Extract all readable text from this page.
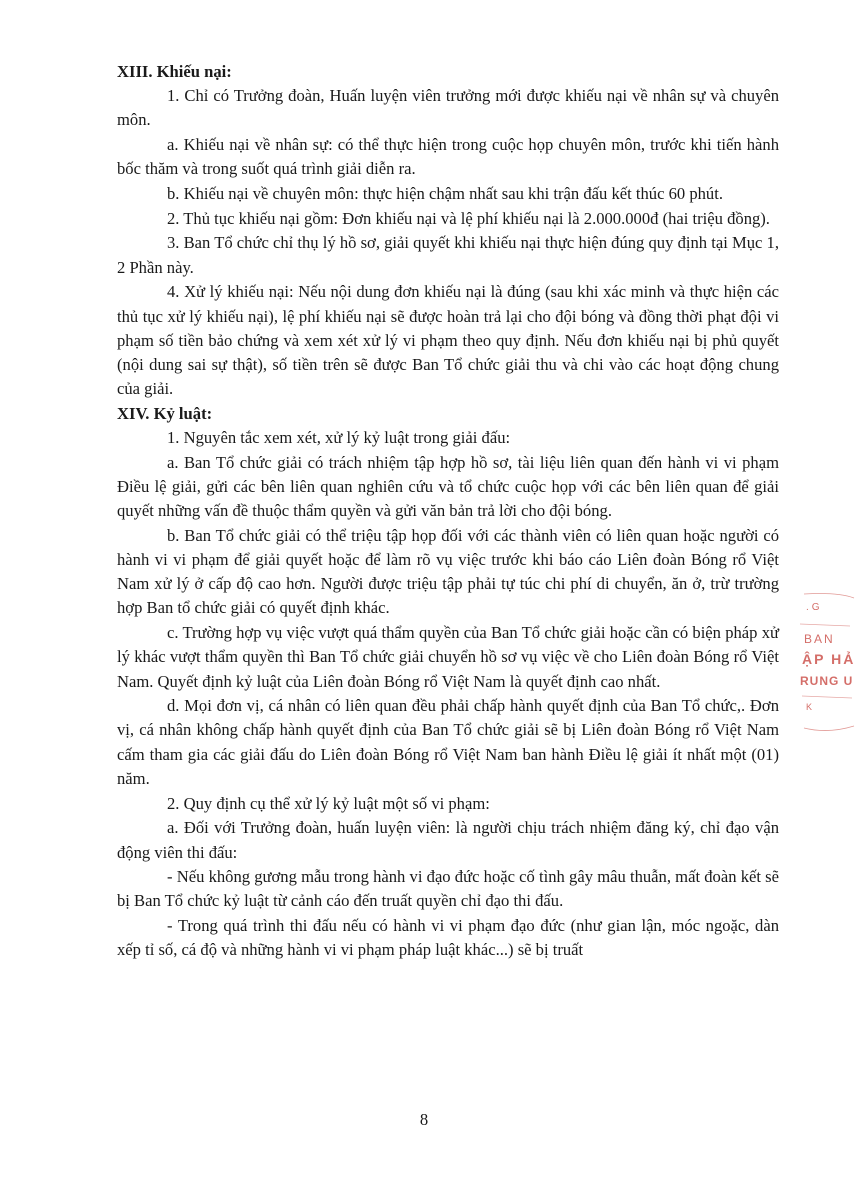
XIII. Khiếu nại:

1. Chỉ có Trưởng đoàn, Huấn luyện viên trưởng mới được khiếu nại về nhân sự và chuyên môn.

a. Khiếu nại về nhân sự: có thể thực hiện trong cuộc họp chuyên môn, trước khi tiến hành bốc thăm và trong suốt quá trình giải diễn ra.

b. Khiếu nại về chuyên môn: thực hiện chậm nhất sau khi trận đấu kết thúc 60 phút.

2. Thủ tục khiếu nại gồm: Đơn khiếu nại và lệ phí khiếu nại là 2.000.000đ (hai triệu đồng).

3. Ban Tổ chức chỉ thụ lý hồ sơ, giải quyết khi khiếu nại thực hiện đúng quy định tại Mục 1, 2 Phần này.

4. Xử lý khiếu nại: Nếu nội dung đơn khiếu nại là đúng (sau khi xác minh và thực hiện các thủ tục xử lý khiếu nại), lệ phí khiếu nại sẽ được hoàn trả lại cho đội bóng và đồng thời phạt đội vi phạm số tiền bảo chứng và xem xét xử lý vi phạm theo quy định. Nếu đơn khiếu nại bị phủ quyết (nội dung sai sự thật), số tiền trên sẽ được Ban Tổ chức giải thu và chi vào các hoạt động chung của giải.

XIV. Kỷ luật:

1. Nguyên tắc xem xét, xử lý kỷ luật trong giải đấu:

a. Ban Tổ chức giải có trách nhiệm tập hợp hồ sơ, tài liệu liên quan đến hành vi vi phạm Điều lệ giải, gửi các bên liên quan nghiên cứu và tổ chức cuộc họp với các bên liên quan để giải quyết những vấn đề thuộc thẩm quyền và gửi văn bản trả lời cho đội bóng.

b. Ban Tổ chức giải có thể triệu tập họp đối với các thành viên có liên quan hoặc người có hành vi vi phạm để giải quyết hoặc để làm rõ vụ việc trước khi báo cáo Liên đoàn Bóng rổ Việt Nam xử lý ở cấp độ cao hơn. Người được triệu tập phải tự túc chi phí di chuyển, ăn ở, trừ trường hợp Ban tổ chức giải có quyết định khác.

c. Trường hợp vụ việc vượt quá thẩm quyền của Ban Tổ chức giải hoặc cần có biện pháp xử lý khác vượt thẩm quyền thì Ban Tổ chức giải chuyển hồ sơ vụ việc về cho Liên đoàn Bóng rổ Việt Nam. Quyết định kỷ luật của Liên đoàn Bóng rổ Việt Nam là quyết định cao nhất.

d. Mọi đơn vị, cá nhân có liên quan đều phải chấp hành quyết định của Ban Tổ chức,. Đơn vị, cá nhân không chấp hành quyết định của Ban Tổ chức giải sẽ bị Liên đoàn Bóng rổ Việt Nam cấm tham gia các giải đấu do Liên đoàn Bóng rổ Việt Nam ban hành Điều lệ giải ít nhất một (01) năm.

2. Quy định cụ thể xử lý kỷ luật một số vi phạm:

a. Đối với Trưởng đoàn, huấn luyện viên: là người chịu trách nhiệm đăng ký, chỉ đạo vận động viên thi đấu:

- Nếu không gương mẫu trong hành vi đạo đức hoặc cố tình gây mâu thuẫn, mất đoàn kết sẽ bị Ban Tổ chức kỷ luật từ cảnh cáo đến truất quyền chỉ đạo thi đấu.

- Trong quá trình thi đấu nếu có hành vi vi phạm đạo đức (như gian lận, móc ngoặc, dàn xếp tỉ số, cá độ và những hành vi vi phạm pháp luật khác...) sẽ bị truất

.G
BAN
ẬP HẢ
RUNG U
K
8
